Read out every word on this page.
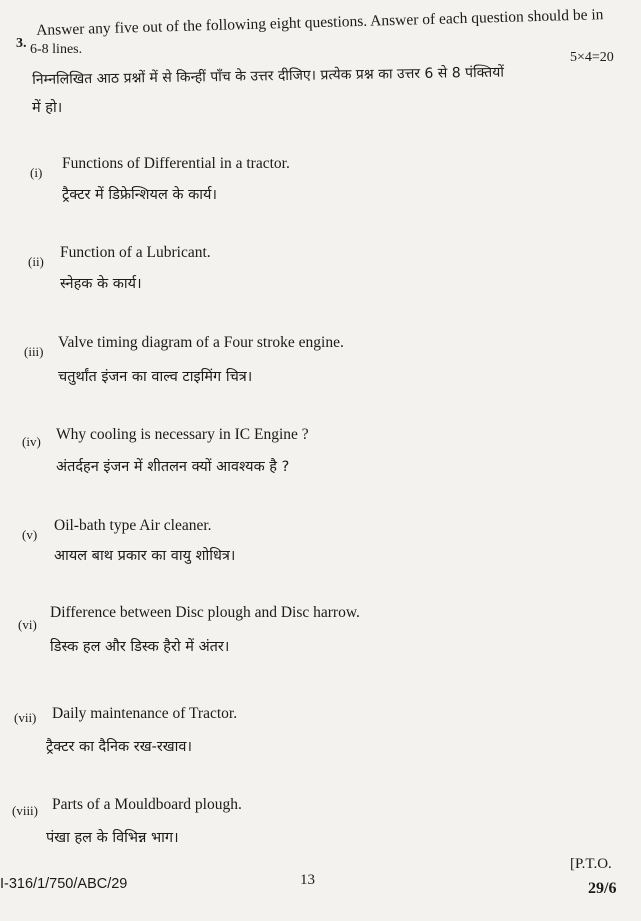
3.
Answer any five out of the following eight questions. Answer of each question should be in
6-8 lines.
5×4=20
निम्नलिखित आठ प्रश्नों में से किन्हीं पाँच के उत्तर दीजिए। प्रत्येक प्रश्न का उत्तर 6 से 8 पंक्तियों
में हो।
(i)
Functions of Differential in a tractor.
ट्रैक्टर में डिफ्रेन्शियल के कार्य।
(ii)
Function of a Lubricant.
स्नेहक के कार्य।
(iii)
Valve timing diagram of a Four stroke engine.
चतुर्थांत इंजन का वाल्व टाइमिंग चित्र।
(iv) Why cooling is necessary in IC Engine ?
अंतर्दहन इंजन में शीतलन क्यों आवश्यक है ?
(v)
Oil-bath type Air cleaner.
आयल बाथ प्रकार का वायु शोधित्र।
(vi)
Difference between Disc plough and Disc harrow.
डिस्क हल और डिस्क हैरो में अंतर।
(vii) Daily maintenance of Tractor.
ट्रैक्टर का दैनिक रख-रखाव।
(viii) Parts of a Mouldboard plough.
पंखा हल के विभिन्न भाग।
I-316/1/750/ABC/29	13
[P.T.O.
29/6
